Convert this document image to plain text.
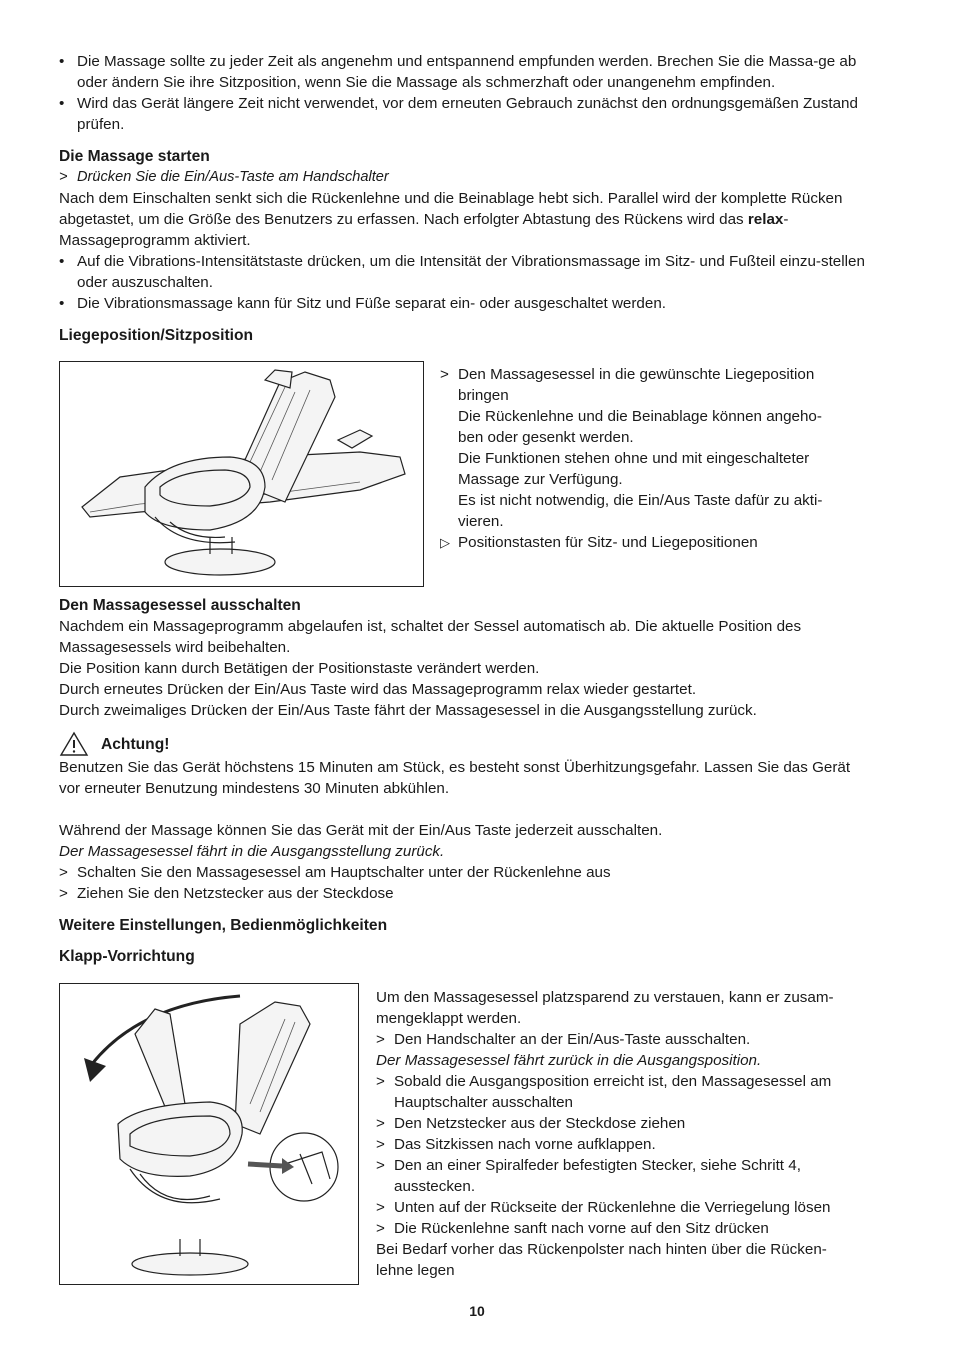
• Die Massage sollte zu jeder Zeit als angenehm und entspannend empfunden werden. Brechen Sie die Massa-ge ab oder ändern Sie ihre Sitzposition, wenn Sie die Massage als schmerzhaft oder unangenehm empfinden.

• Wird das Gerät längere Zeit nicht verwendet, vor dem erneuten Gebrauch zunächst den ordnungsgemäßen Zustand prüfen.

Die Massage starten

> Drücken Sie die Ein/Aus-Taste am Handschalter

Nach dem Einschalten senkt sich die Rückenlehne und die Beinablage hebt sich. Parallel wird der komplette Rücken abgetastet, um die Größe des Benutzers zu erfassen. Nach erfolgter Abtastung des Rückens wird das relax-Massageprogramm aktiviert.

• Auf die Vibrations-Intensitätstaste drücken, um die Intensität der Vibrationsmassage im Sitz- und Fußteil einzu-stellen oder auszuschalten.

• Die Vibrationsmassage kann für Sitz und Füße separat ein- oder ausgeschaltet werden.

Liegeposition/Sitzposition

> Den Massagesessel in die gewünschte Liegeposition bringen

Die Rückenlehne und die Beinablage können angeho-ben oder gesenkt werden.

Die Funktionen stehen ohne und mit eingeschalteter Massage zur Verfügung.

Es ist nicht notwendig, die Ein/Aus Taste dafür zu akti-vieren.

▷ Positionstasten für Sitz- und Liegepositionen

Den Massagesessel ausschalten

Nachdem ein Massageprogramm abgelaufen ist, schaltet der Sessel automatisch ab. Die aktuelle Position des Massagesessels wird beibehalten.

Die Position kann durch Betätigen der Positionstaste verändert werden.

Durch erneutes Drücken der Ein/Aus Taste wird das Massageprogramm relax wieder gestartet.

Durch zweimaliges Drücken der Ein/Aus Taste fährt der Massagesessel in die Ausgangsstellung zurück.

Achtung!

Benutzen Sie das Gerät höchstens 15 Minuten am Stück, es besteht sonst Überhitzungsgefahr. Lassen Sie das Gerät vor erneuter Benutzung mindestens 30 Minuten abkühlen.

Während der Massage können Sie das Gerät mit der Ein/Aus Taste jederzeit ausschalten.

Der Massagesessel fährt in die Ausgangsstellung zurück.

> Schalten Sie den Massagesessel am Hauptschalter unter der Rückenlehne aus

> Ziehen Sie den Netzstecker aus der Steckdose

Weitere Einstellungen, Bedienmöglichkeiten

Klapp-Vorrichtung

Um den Massagesessel platzsparend zu verstauen, kann er zusam-mengeklappt werden.

> Den Handschalter an der Ein/Aus-Taste ausschalten.

Der Massagesessel fährt zurück in die Ausgangsposition.

> Sobald die Ausgangsposition erreicht ist, den Massagesessel am Hauptschalter ausschalten

> Den Netzstecker aus der Steckdose ziehen

> Das Sitzkissen nach vorne aufklappen.

> Den an einer Spiralfeder befestigten Stecker, siehe Schritt 4, ausstecken.

> Unten auf der Rückseite der Rückenlehne die Verriegelung lösen

> Die Rückenlehne sanft nach vorne auf den Sitz drücken

Bei Bedarf vorher das Rückenpolster nach hinten über die Rücken-lehne legen

10
